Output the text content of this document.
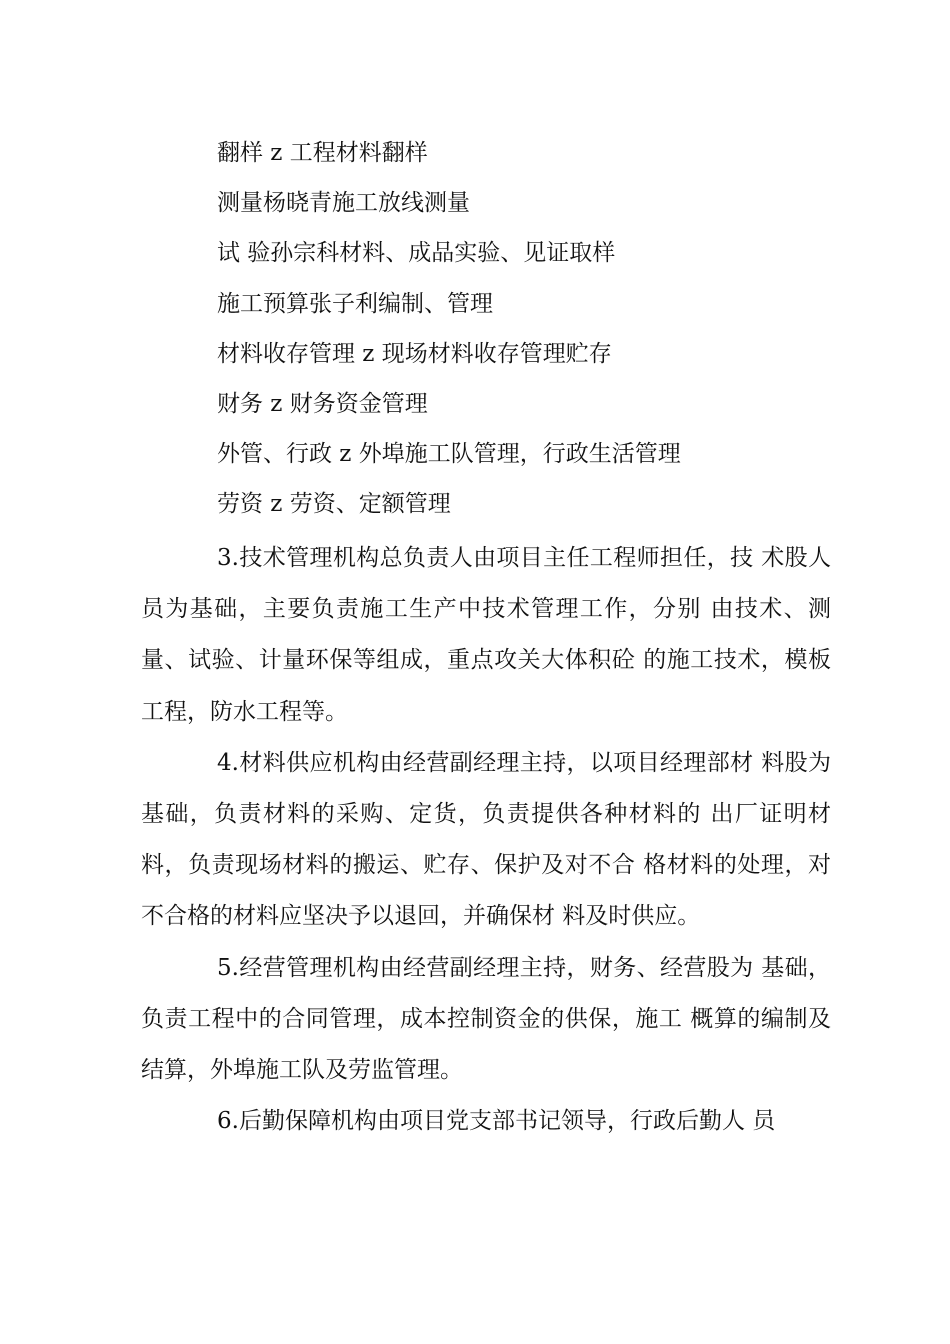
翻样 z 工程材料翻样
测量杨晓青施工放线测量
试 验孙宗科材料、成品实验、见证取样
施工预算张子利编制、管理
材料收存管理 z 现场材料收存管理贮存
财务 z 财务资金管理
外管、行政 z 外埠施工队管理，行政生活管理
劳资 z 劳资、定额管理

3.技术管理机构总负责人由项目主任工程师担任，技 术股人员为基础，主要负责施工生产中技术管理工作，分别 由技术、测量、试验、计量环保等组成，重点攻关大体积砼 的施工技术，模板工程，防水工程等。

4.材料供应机构由经营副经理主持，以项目经理部材 料股为基础，负责材料的采购、定货，负责提供各种材料的 出厂证明材料，负责现场材料的搬运、贮存、保护及对不合 格材料的处理，对不合格的材料应坚决予以退回，并确保材 料及时供应。

5.经营管理机构由经营副经理主持，财务、经营股为 基础，负责工程中的合同管理，成本控制资金的供保，施工 概算的编制及结算，外埠施工队及劳监管理。

6.后勤保障机构由项目党支部书记领导，行政后勤人 员
